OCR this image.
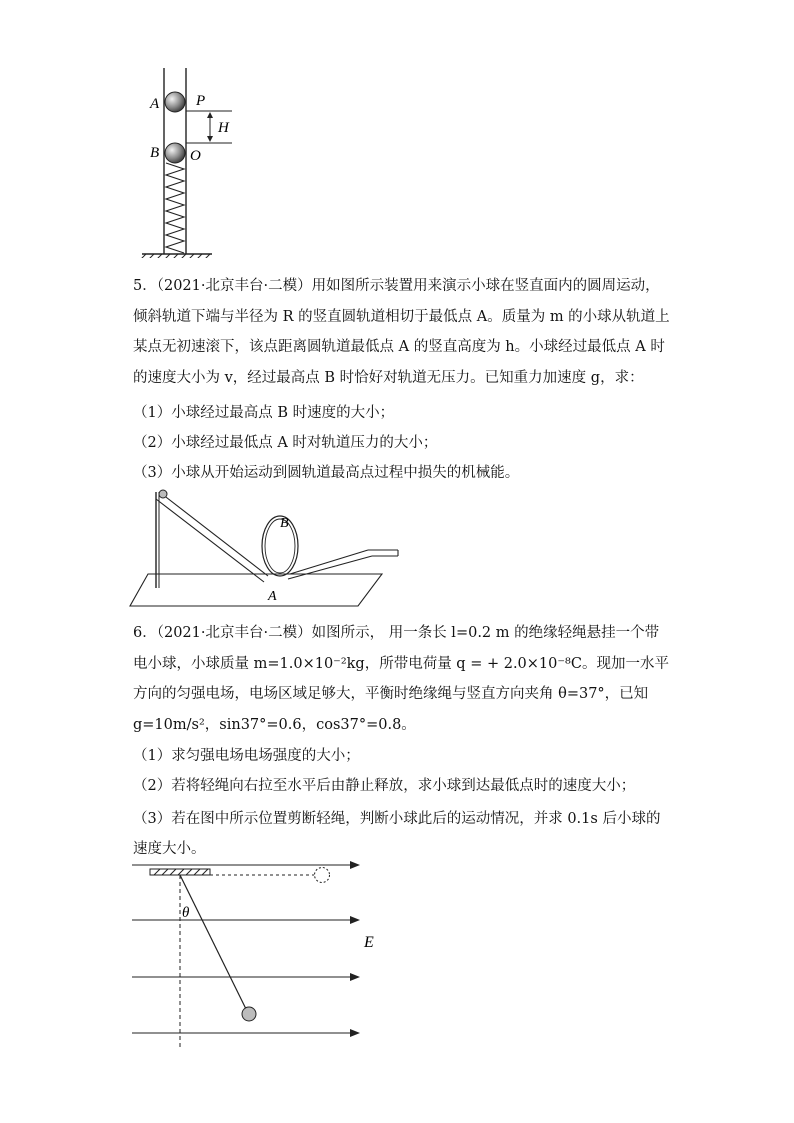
A P
H
B O
5．（2021·北京丰台·二模）用如图所示装置用来演示小球在竖直面内的圆周运动，倾斜轨道下端与半径为 R 的竖直圆轨道相切于最低点 A。质量为 m 的小球从轨道上某点无初速滚下，该点距离圆轨道最低点 A 的竖直高度为 h。小球经过最低点 A 时的速度大小为 v，经过最高点 B 时恰好对轨道无压力。已知重力加速度 g，求：
（1）小球经过最高点 B 时速度的大小；
（2）小球经过最低点 A 时对轨道压力的大小；
（3）小球从开始运动到圆轨道最高点过程中损失的机械能。
B
A
6．（2021·北京丰台·二模）如图所示， 用一条长 l=0.2 m 的绝缘轻绳悬挂一个带电小球，小球质量 m=1.0×10⁻²kg，所带电荷量 q = + 2.0×10⁻⁸C。现加一水平方向的匀强电场，电场区域足够大，平衡时绝缘绳与竖直方向夹角 θ=37°，已知 g=10m/s²，sin37°=0.6，cos37°=0.8。
（1）求匀强电场电场强度的大小；
（2）若将轻绳向右拉至水平后由静止释放，求小球到达最低点时的速度大小；
（3）若在图中所示位置剪断轻绳，判断小球此后的运动情况，并求 0.1s 后小球的速度大小。
θ
E
